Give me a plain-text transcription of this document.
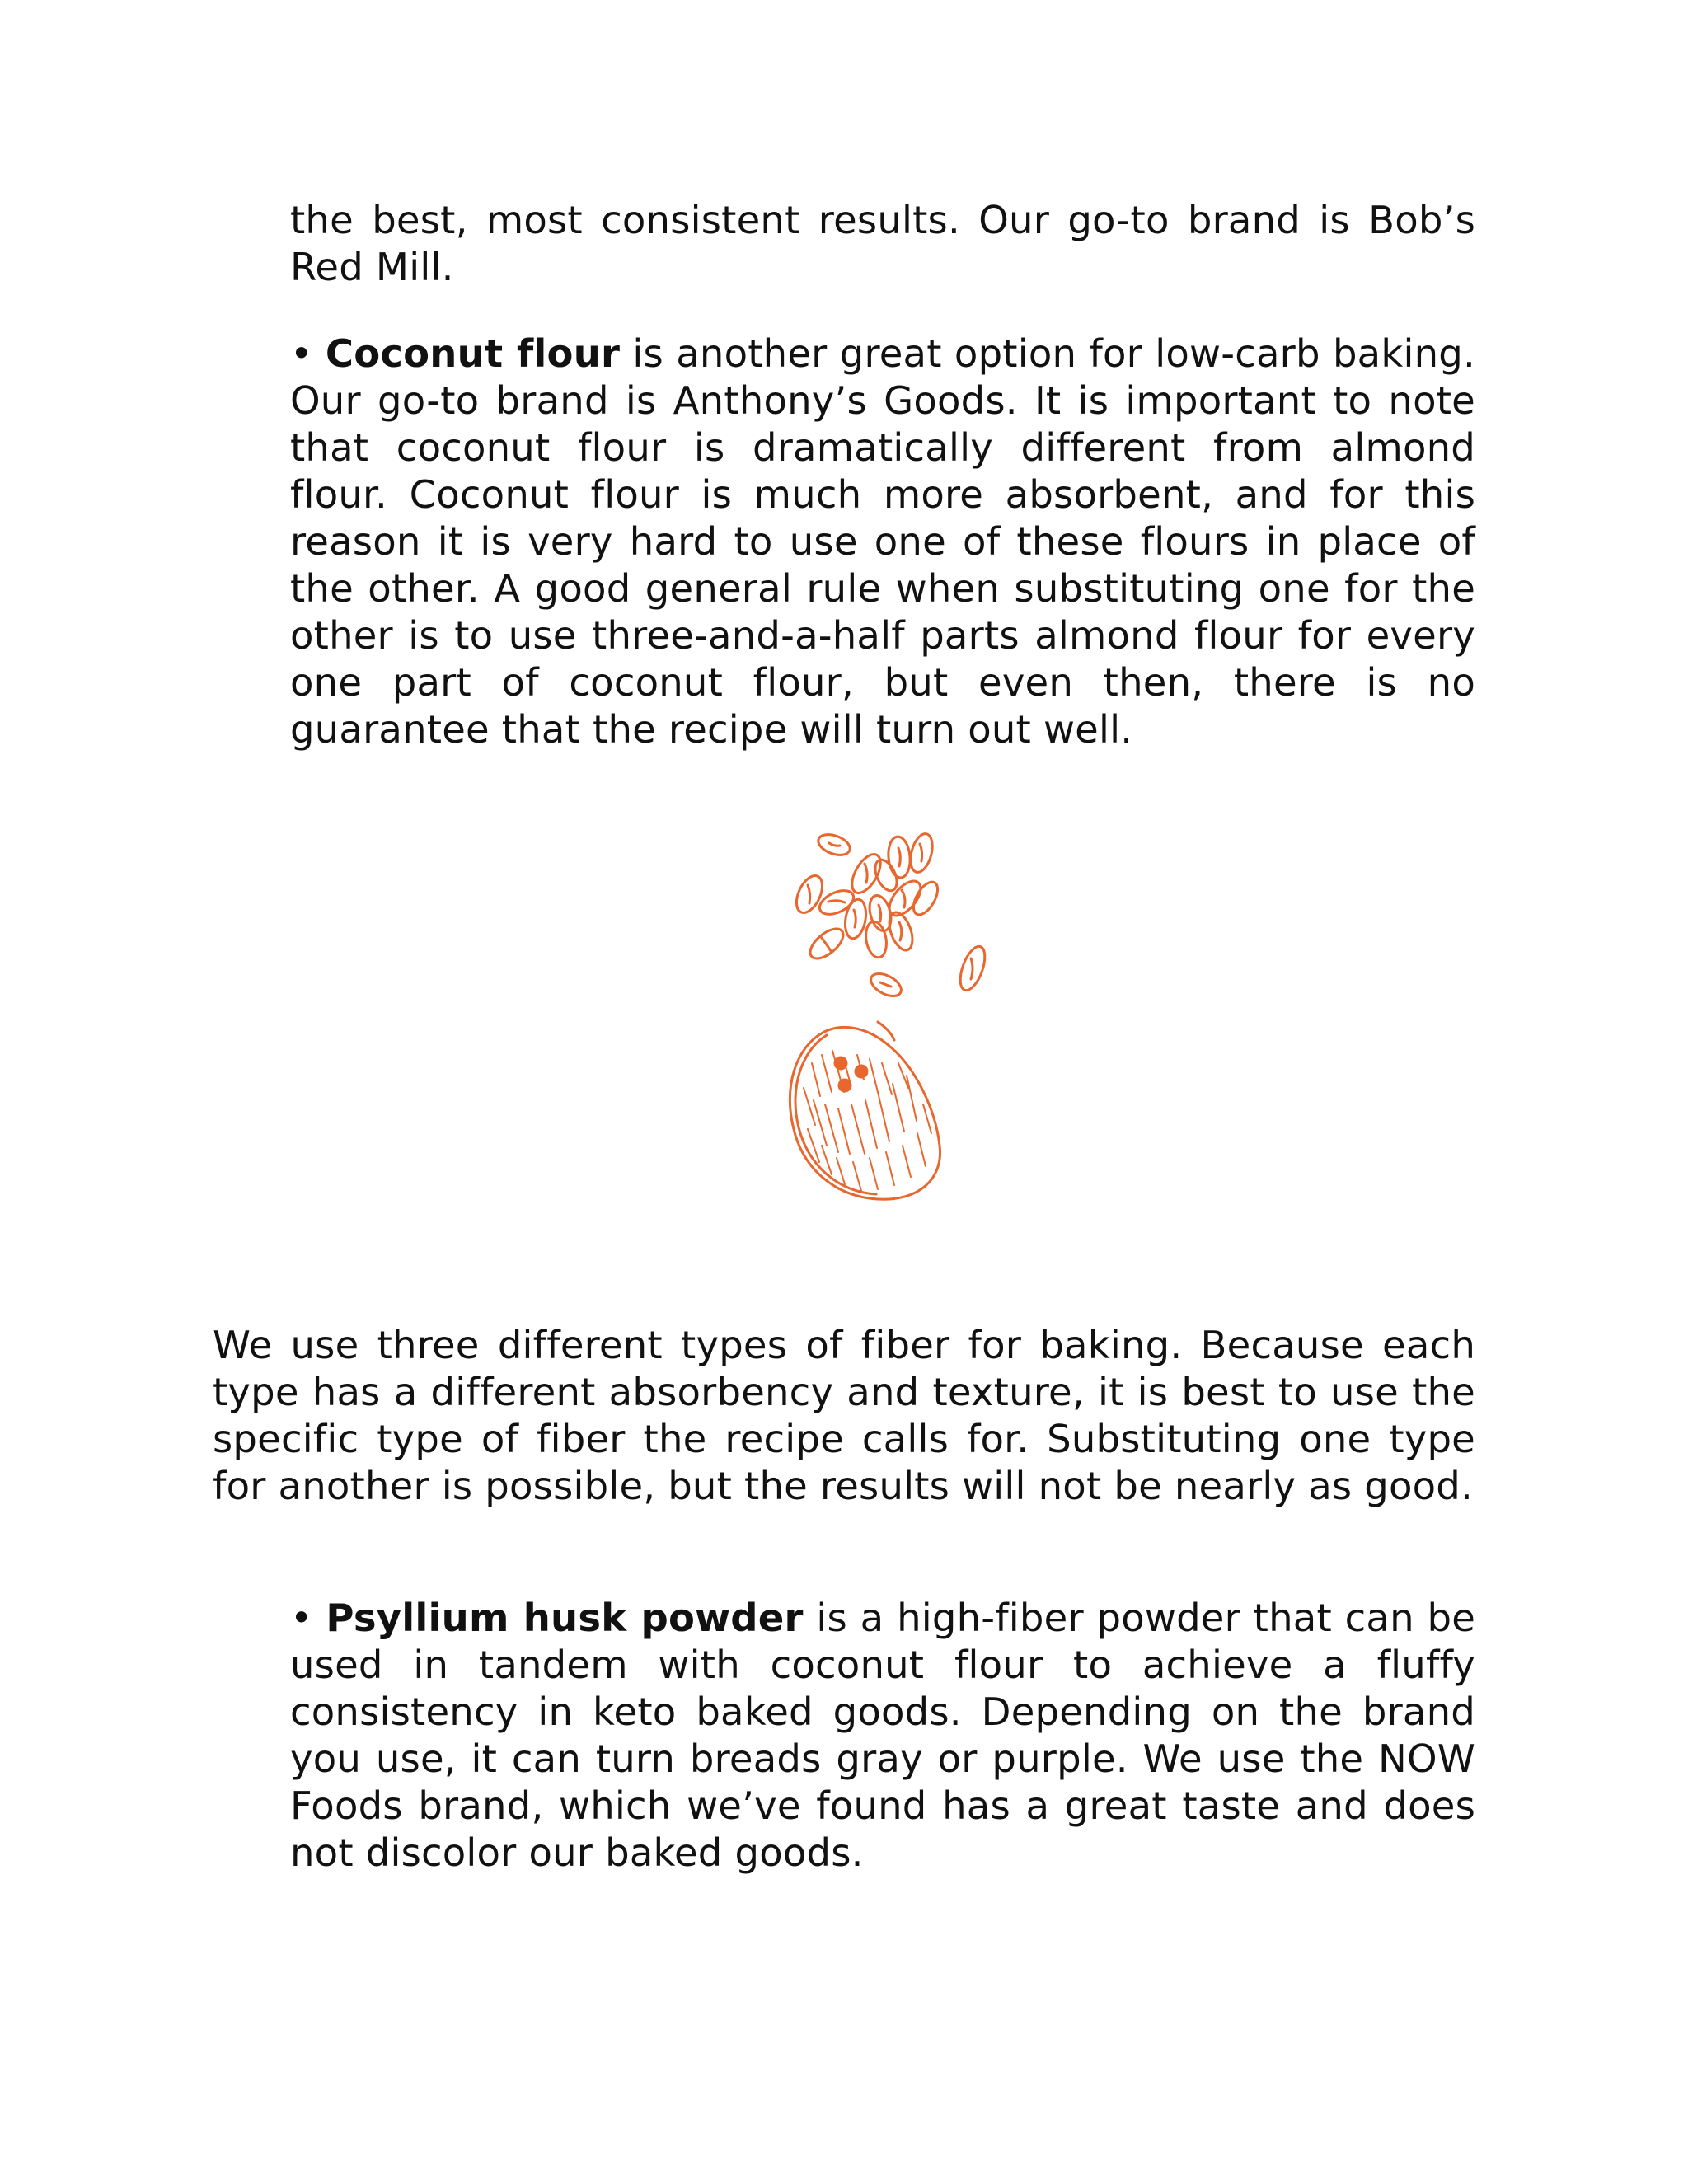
the best, most consistent results. Our go-to brand is Bob’s Red Mill.

• Coconut flour is another great option for low-carb baking. Our go-to brand is Anthony’s Goods. It is important to note that coconut flour is dramatically different from almond flour. Coconut flour is much more absorbent, and for this reason it is very hard to use one of these flours in place of the other. A good general rule when substituting one for the other is to use three-and-a-half parts almond flour for every one part of coconut flour, but even then, there is no guarantee that the recipe will turn out well.

We use three different types of fiber for baking. Because each type has a different absorbency and texture, it is best to use the specific type of fiber the recipe calls for. Substituting one type for another is possible, but the results will not be nearly as good.

• Psyllium husk powder is a high-fiber powder that can be used in tandem with coconut flour to achieve a fluffy consistency in keto baked goods. Depending on the brand you use, it can turn breads gray or purple. We use the NOW Foods brand, which we’ve found has a great taste and does not discolor our baked goods.
